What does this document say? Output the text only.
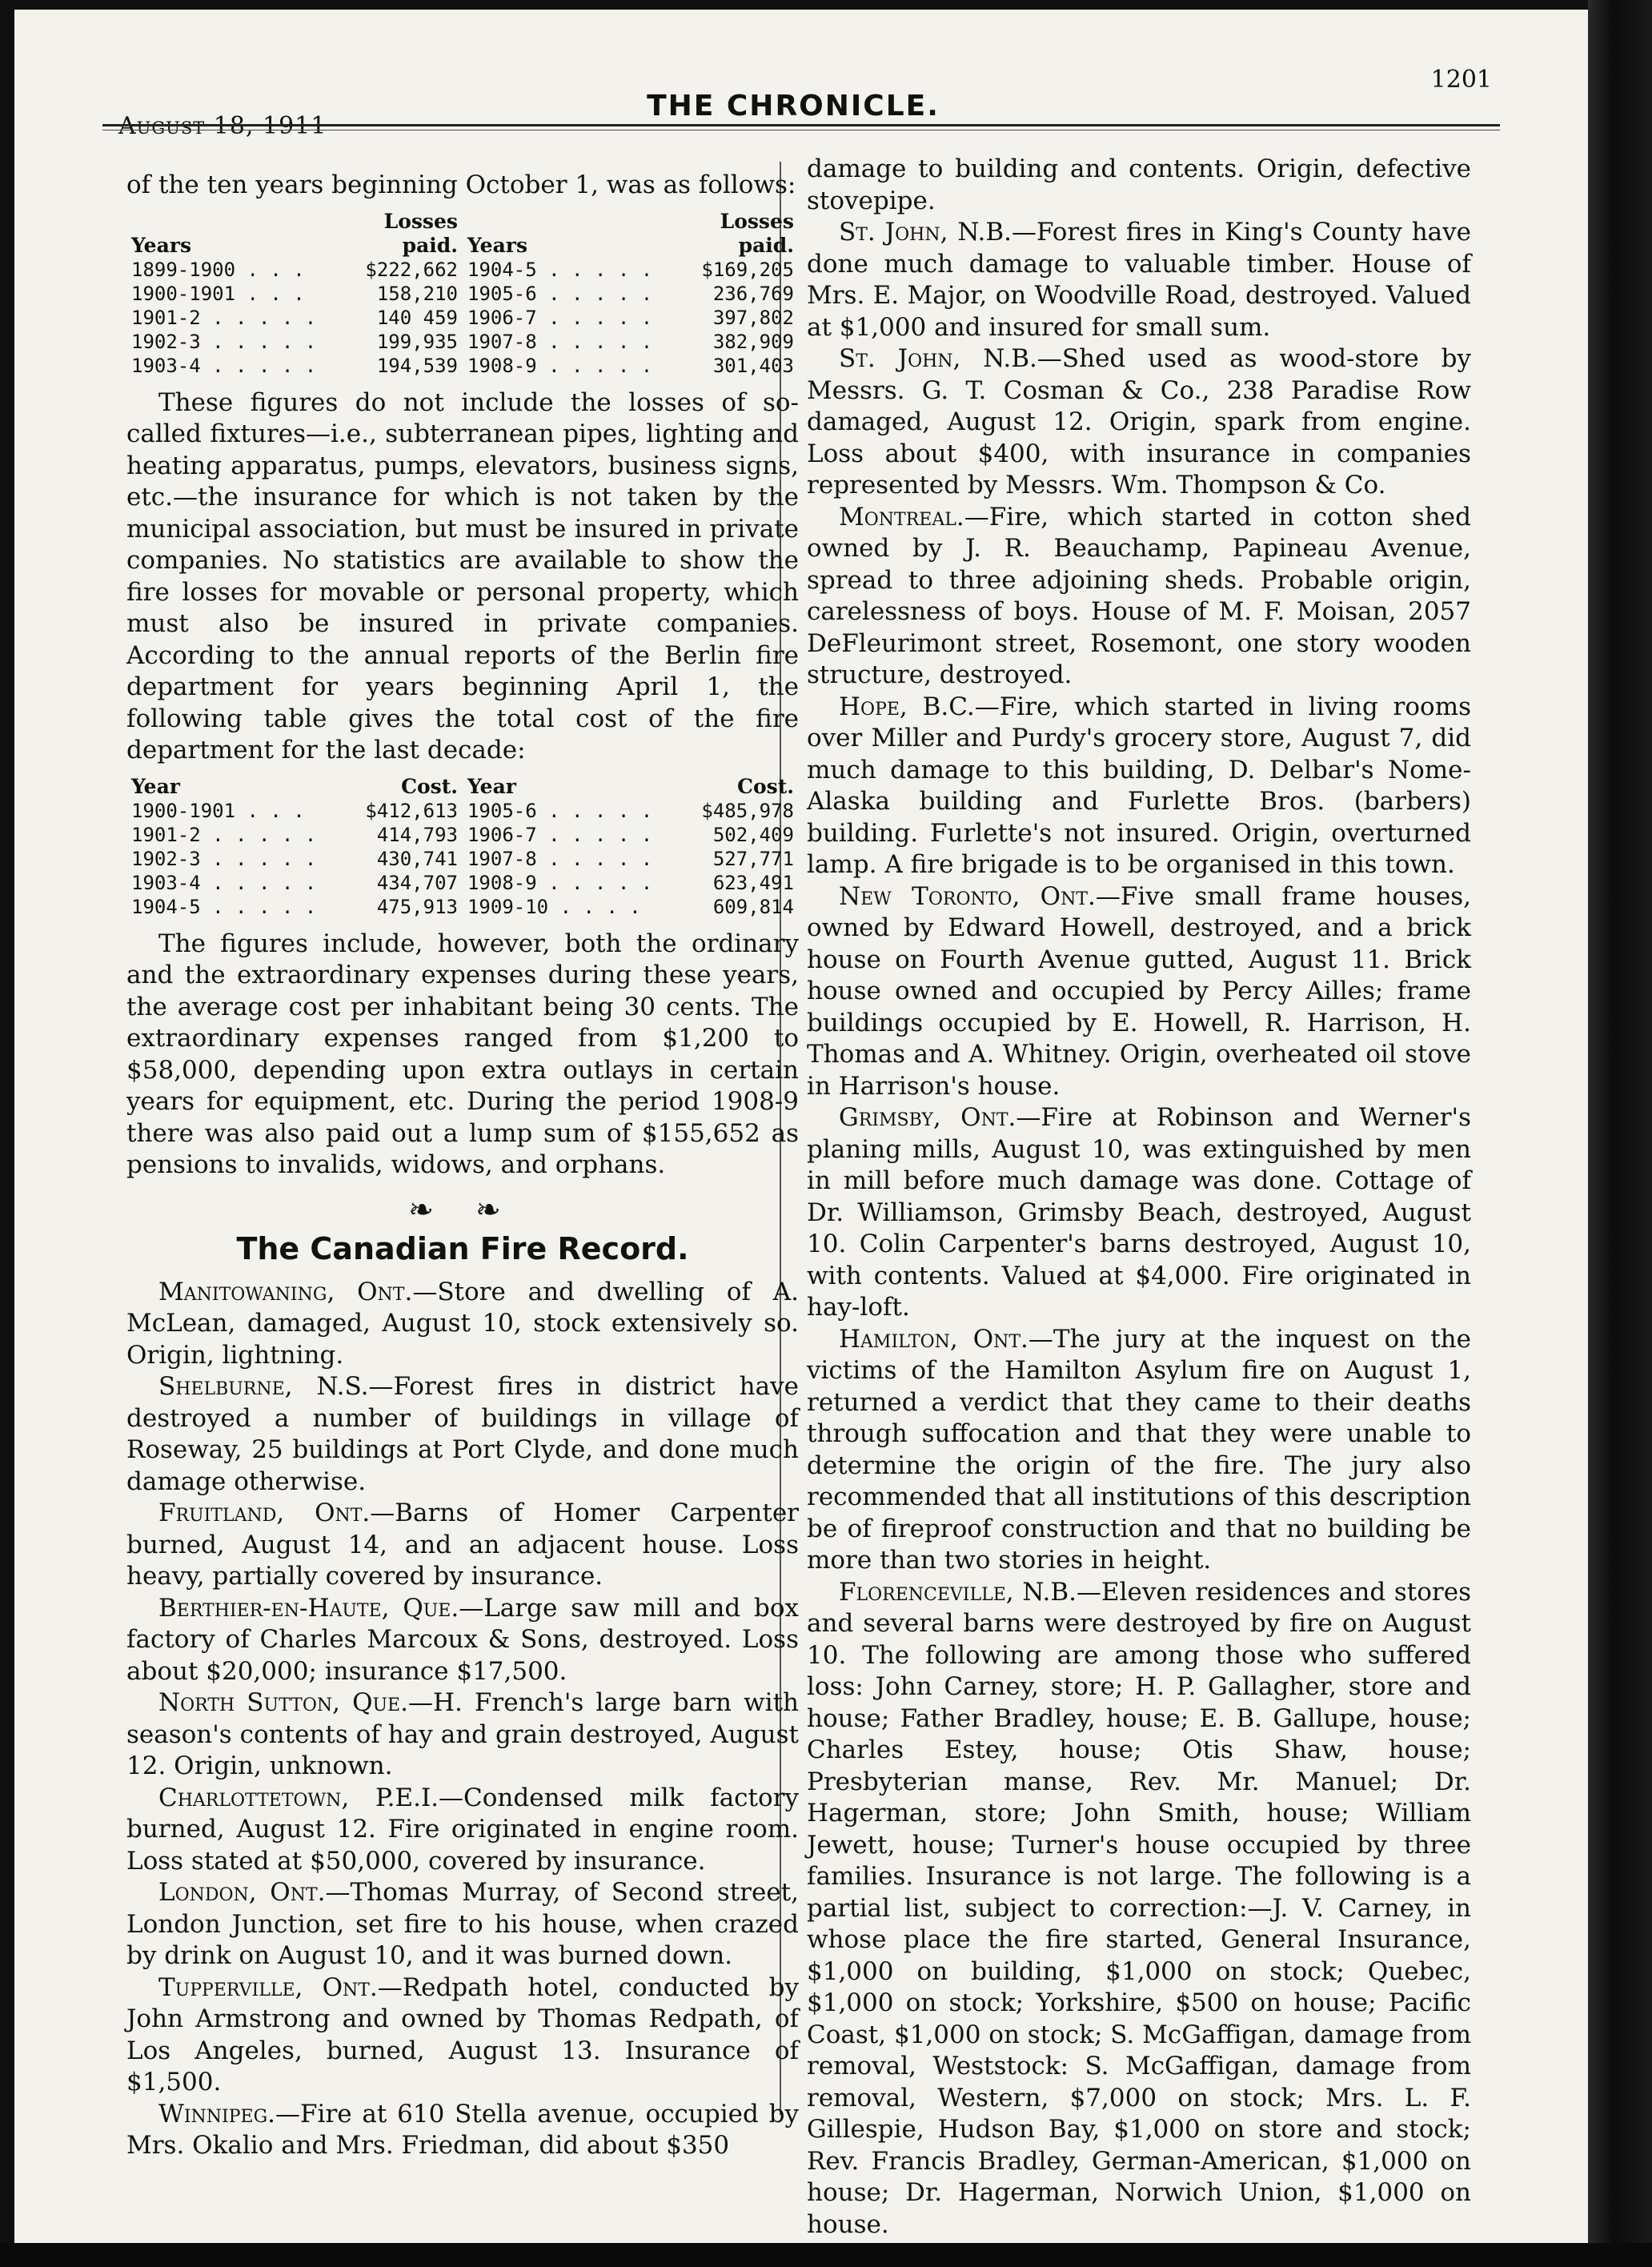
August 18, 1911
THE CHRONICLE.
1201

of the ten years beginning October 1, was as follows:

Years	Losses paid.	Years	Losses paid.
1899-1900 . . .	$222,662	1904-5 . . . . .	$169,205
1900-1901 . . .	158,210	1905-6 . . . . .	236,769
1901-2 . . . . .	140 459	1906-7 . . . . .	397,802
1902-3 . . . . .	199,935	1907-8 . . . . .	382,909
1903-4 . . . . .	194,539	1908-9 . . . . .	301,403

These figures do not include the losses of so-called fixtures—i.e., subterranean pipes, lighting and heating apparatus, pumps, elevators, business signs, etc.—the insurance for which is not taken by the municipal association, but must be insured in private companies. No statistics are available to show the fire losses for movable or personal property, which must also be insured in private companies. According to the annual reports of the Berlin fire department for years beginning April 1, the following table gives the total cost of the fire department for the last decade:

Year	Cost.	Year	Cost.
1900-1901 . . .	$412,613	1905-6 . . . . .	$485,978
1901-2 . . . . .	414,793	1906-7 . . . . .	502,409
1902-3 . . . . .	430,741	1907-8 . . . . .	527,771
1903-4 . . . . .	434,707	1908-9 . . . . .	623,491
1904-5 . . . . .	475,913	1909-10 . . . .	609,814

The figures include, however, both the ordinary and the extraordinary expenses during these years, the average cost per inhabitant being 30 cents. The extraordinary expenses ranged from $1,200 to $58,000, depending upon extra outlays in certain years for equipment, etc. During the period 1908-9 there was also paid out a lump sum of $155,652 as pensions to invalids, widows, and orphans.

❧ ❧
The Canadian Fire Record.

Manitowaning, Ont.—Store and dwelling of A. McLean, damaged, August 10, stock extensively so. Origin, lightning.

Shelburne, N.S.—Forest fires in district have destroyed a number of buildings in village of Roseway, 25 buildings at Port Clyde, and done much damage otherwise.

Fruitland, Ont.—Barns of Homer Carpenter burned, August 14, and an adjacent house. Loss heavy, partially covered by insurance.

Berthier-en-Haute, Que.—Large saw mill and box factory of Charles Marcoux & Sons, destroyed. Loss about $20,000; insurance $17,500.

North Sutton, Que.—H. French's large barn with season's contents of hay and grain destroyed, August 12. Origin, unknown.

Charlottetown, P.E.I.—Condensed milk factory burned, August 12. Fire originated in engine room. Loss stated at $50,000, covered by insurance.

London, Ont.—Thomas Murray, of Second street, London Junction, set fire to his house, when crazed by drink on August 10, and it was burned down.

Tupperville, Ont.—Redpath hotel, conducted by John Armstrong and owned by Thomas Redpath, of Los Angeles, burned, August 13. Insurance of $1,500.

Winnipeg.—Fire at 610 Stella avenue, occupied by Mrs. Okalio and Mrs. Friedman, did about $350

damage to building and contents. Origin, defective stovepipe.

St. John, N.B.—Forest fires in King's County have done much damage to valuable timber. House of Mrs. E. Major, on Woodville Road, destroyed. Valued at $1,000 and insured for small sum.

St. John, N.B.—Shed used as wood-store by Messrs. G. T. Cosman & Co., 238 Paradise Row damaged, August 12. Origin, spark from engine. Loss about $400, with insurance in companies represented by Messrs. Wm. Thompson & Co.

Montreal.—Fire, which started in cotton shed owned by J. R. Beauchamp, Papineau Avenue, spread to three adjoining sheds. Probable origin, carelessness of boys. House of M. F. Moisan, 2057 DeFleurimont street, Rosemont, one story wooden structure, destroyed.

Hope, B.C.—Fire, which started in living rooms over Miller and Purdy's grocery store, August 7, did much damage to this building, D. Delbar's Nome-Alaska building and Furlette Bros. (barbers) building. Furlette's not insured. Origin, overturned lamp. A fire brigade is to be organised in this town.

New Toronto, Ont.—Five small frame houses, owned by Edward Howell, destroyed, and a brick house on Fourth Avenue gutted, August 11. Brick house owned and occupied by Percy Ailles; frame buildings occupied by E. Howell, R. Harrison, H. Thomas and A. Whitney. Origin, overheated oil stove in Harrison's house.

Grimsby, Ont.—Fire at Robinson and Werner's planing mills, August 10, was extinguished by men in mill before much damage was done. Cottage of Dr. Williamson, Grimsby Beach, destroyed, August 10. Colin Carpenter's barns destroyed, August 10, with contents. Valued at $4,000. Fire originated in hay-loft.

Hamilton, Ont.—The jury at the inquest on the victims of the Hamilton Asylum fire on August 1, returned a verdict that they came to their deaths through suffocation and that they were unable to determine the origin of the fire. The jury also recommended that all institutions of this description be of fireproof construction and that no building be more than two stories in height.

Florenceville, N.B.—Eleven residences and stores and several barns were destroyed by fire on August 10. The following are among those who suffered loss: John Carney, store; H. P. Gallagher, store and house; Father Bradley, house; E. B. Gallupe, house; Charles Estey, house; Otis Shaw, house; Presbyterian manse, Rev. Mr. Manuel; Dr. Hagerman, store; John Smith, house; William Jewett, house; Turner's house occupied by three families. Insurance is not large. The following is a partial list, subject to correction:—J. V. Carney, in whose place the fire started, General Insurance, $1,000 on building, $1,000 on stock; Quebec, $1,000 on stock; Yorkshire, $500 on house; Pacific Coast, $1,000 on stock; S. McGaffigan, damage from removal, Weststock: S. McGaffigan, damage from removal, Western, $7,000 on stock; Mrs. L. F. Gillespie, Hudson Bay, $1,000 on store and stock; Rev. Francis Bradley, German-American, $1,000 on house; Dr. Hagerman, Norwich Union, $1,000 on house.
